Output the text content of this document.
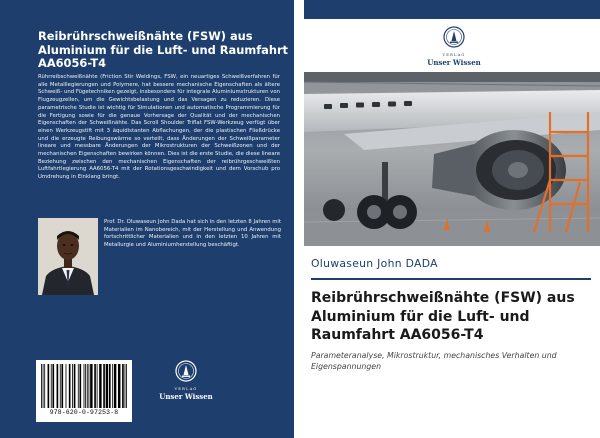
Reibrührschweißnähte (FSW) aus Aluminium für die Luft- und Raumfahrt AA6056-T4

Rührreibschweißnähte (Friction Stir Weldings, FSW, ein neuartiges Schweißverfahren für alle Metalllegierungen und Polymere, hat bessere mechanische Eigenschaften als ältere Schweiß- und Fügetechniken gezeigt, insbesondere für integrale Aluminiumstrukturen von Flugzeugzellen, um die Gewichtsbelastung und das Versagen zu reduzieren. Diese parametrische Studie ist wichtig für Simulationen und automatische Programmierung für die Fertigung sowie für die genaue Vorhersage der Qualität und der mechanischen Eigenschaften der Schweißnähte. Das Scroll Shoulder Triflat FSW-Werkzeug verfügt über einen Werkzeugstift mit 3 äquidistanten Abflachungen, der die plastischen Fließdrücke und die erzeugte Reibungswärme so verteilt, dass Änderungen der Schweißparameter lineare und messbare Änderungen der Mikrostrukturen der Schweißzonen und der mechanischen Eigenschaften bewirken können. Dies ist die erste Studie, die diese lineare Beziehung zwischen den mechanischen Eigenschaften der reibrührgeschweißten Luftfahrtlegierung AA6056-T4 mit der Rotationsgeschwindigkeit und dem Vorschub pro Umdrehung in Einklang bringt.

Prof. Dr. Oluwaseun John Dada hat sich in den letzten 8 Jahren mit Materialien im Nanobereich, mit der Herstellung und Anwendung fortschrittlicher Materialien und in den letzten 10 Jahren mit Metallurgie und Aluminiumherstellung beschäftigt.

978-620-0-97253-8
VERLAG
Unser Wissen
VERLAG
Unser Wissen
Oluwaseun John DADA
Reibrührschweißnähte (FSW) aus Aluminium für die Luft- und Raumfahrt AA6056-T4

Parameteranalyse, Mikrostruktur, mechanisches Verhalten und Eigenspannungen
